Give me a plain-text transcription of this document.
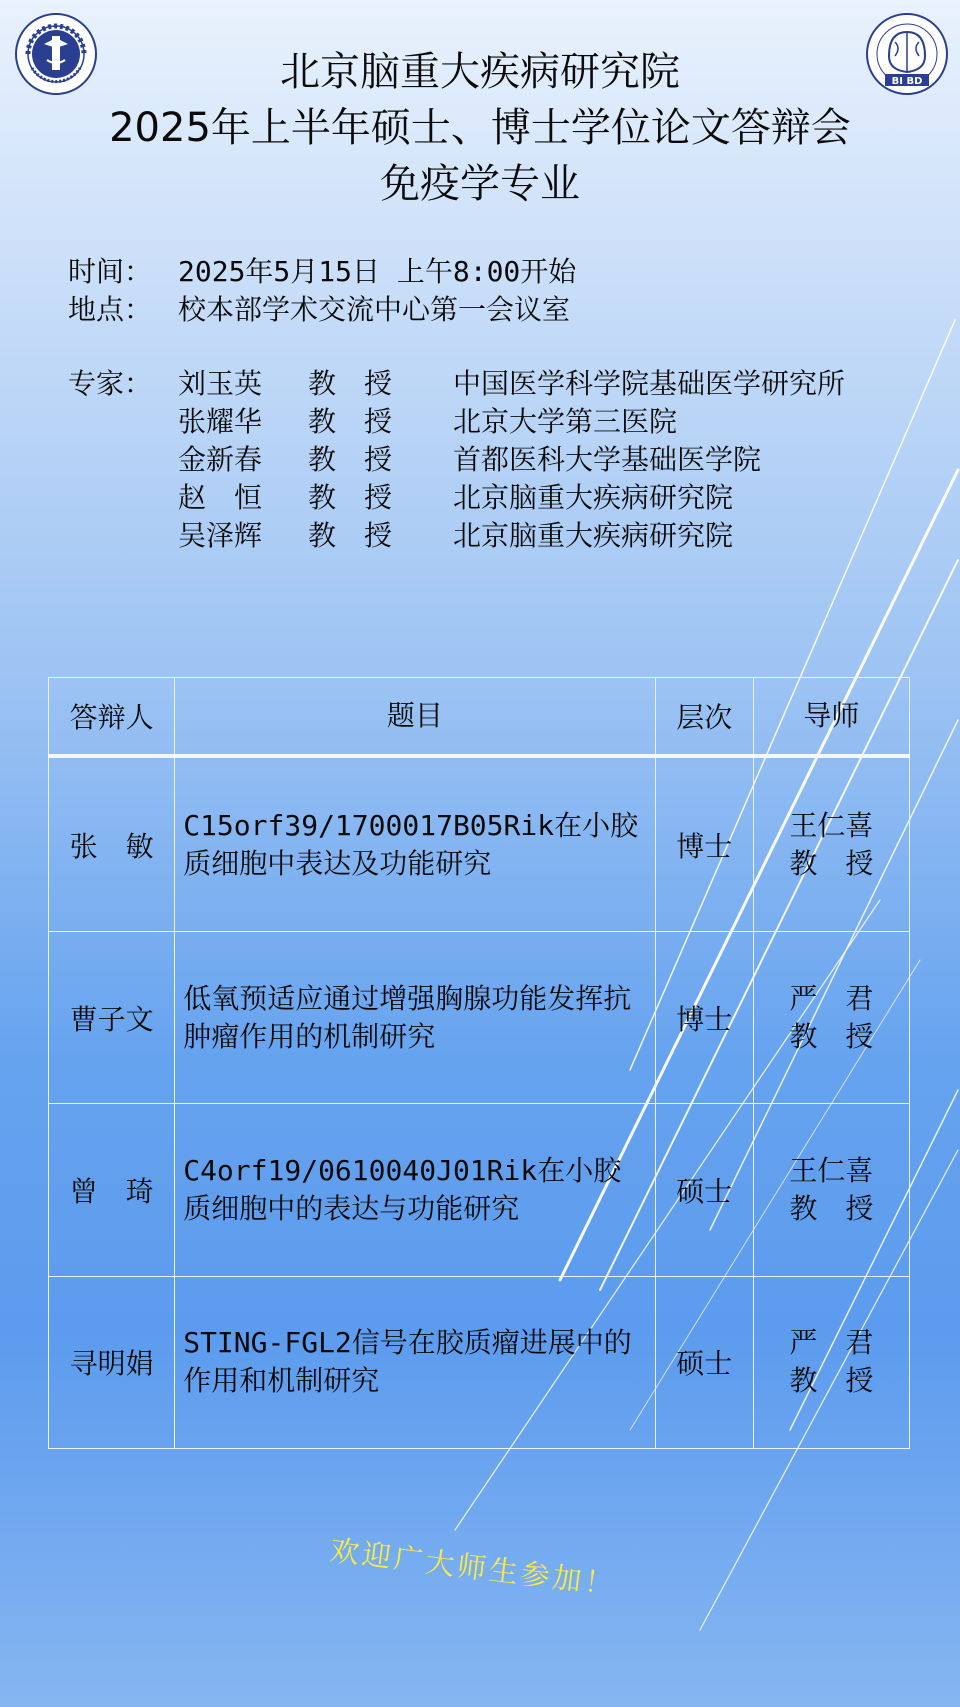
BI BD
北京脑重大疾病研究院
2025年上半年硕士、博士学位论文答辩会
免疫学专业
时间： 2025年5月15日 上午8:00开始
地点： 校本部学术交流中心第一会议室
专家： 刘玉英 教　授 中国医学科学院基础医学研究所
张耀华 教　授 北京大学第三医院
金新春 教　授 首都医科大学基础医学院
赵　恒 教　授 北京脑重大疾病研究院
吴泽辉 教　授 北京脑重大疾病研究院
答辩人	题目	层次	导师
张　敏	C15orf39/1700017B05Rik在小胶质细胞中表达及功能研究	博士	王仁喜
教　授

曹子文	低氧预适应通过增强胸腺功能发挥抗肿瘤作用的机制研究	博士	严　君
教　授

曾　琦	C4orf19/0610040J01Rik在小胶质细胞中的表达与功能研究	硕士	王仁喜
教　授

寻明娟	STING-FGL2信号在胶质瘤进展中的作用和机制研究	硕士	严　君
教　授
欢迎广大师生参加！
